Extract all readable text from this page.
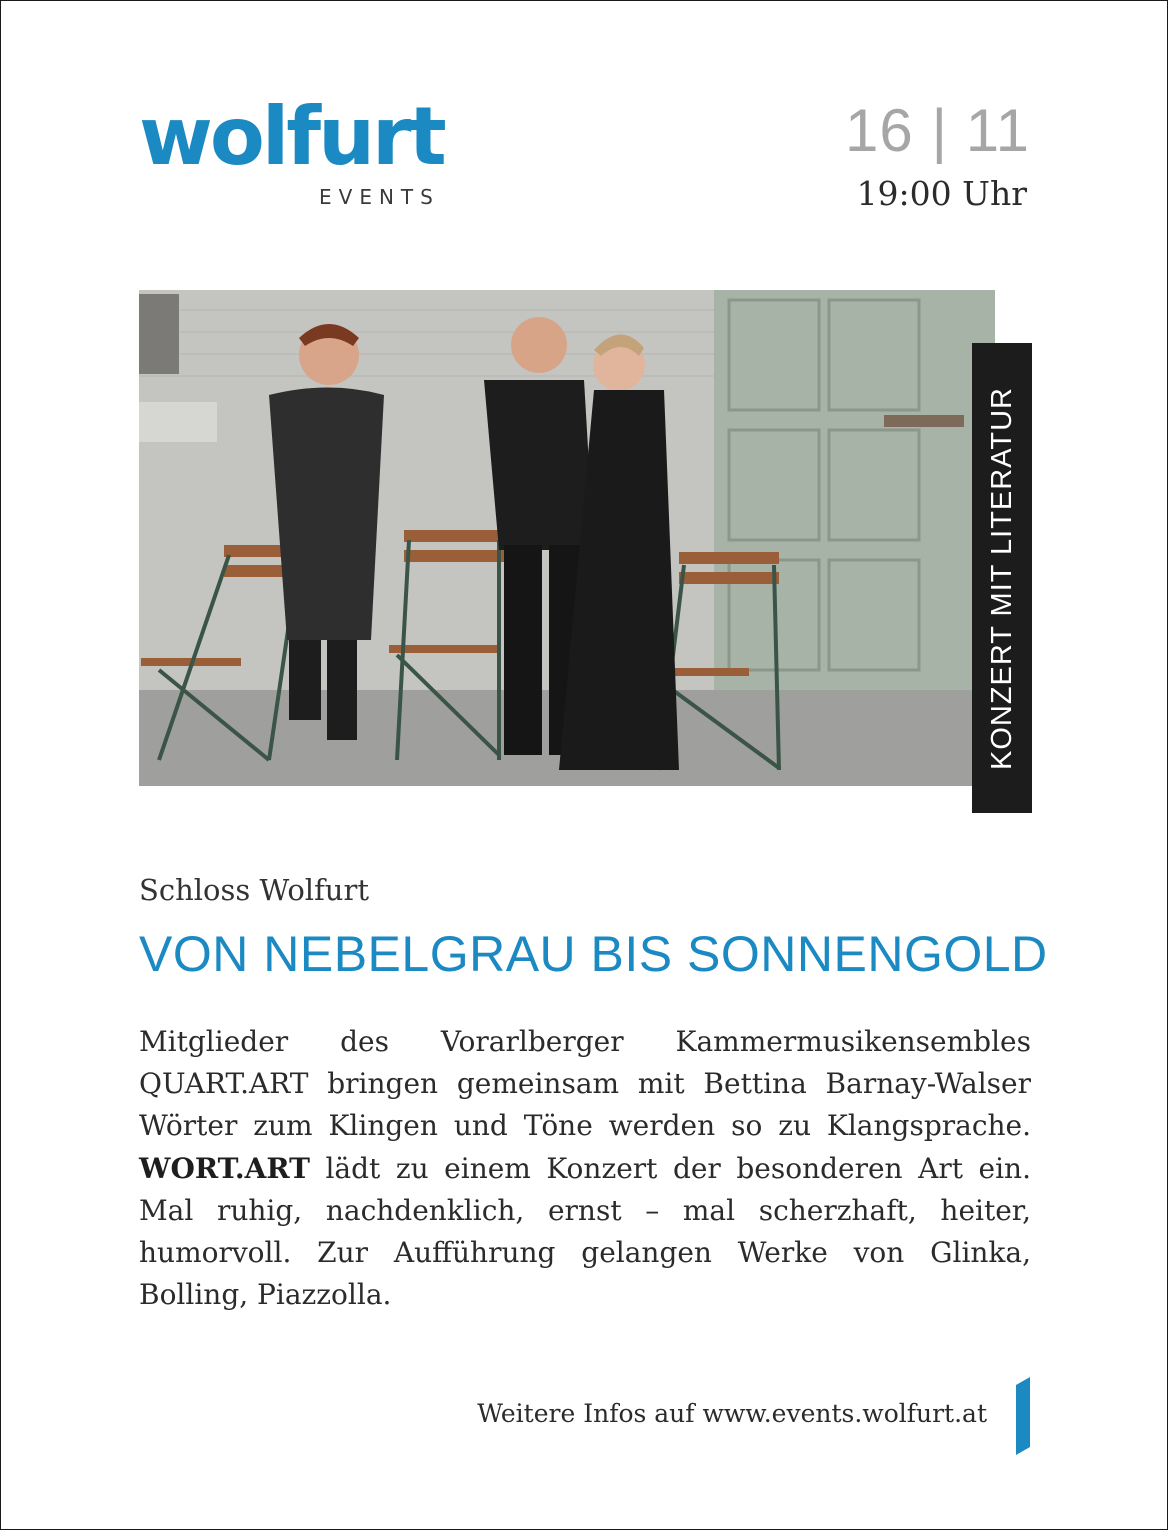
wolfurt
EVENTS
16 | 11
19:00 Uhr
KONZERT MIT LITERATUR
Schloss Wolfurt
VON NEBELGRAU BIS SONNENGOLD
Mitglieder des Vorarlberger Kammermusikensembles QUART.ART bringen gemeinsam mit Bettina Barnay-Walser Wörter zum Klingen und Töne werden so zu Klangsprache. WORT.ART lädt zu einem Konzert der besonderen Art ein. Mal ruhig, nachdenklich, ernst – mal scherzhaft, heiter, humorvoll. Zur Aufführung gelangen Werke von Glinka, Bolling, Piazzolla.
Weitere Infos auf www.events.wolfurt.at
